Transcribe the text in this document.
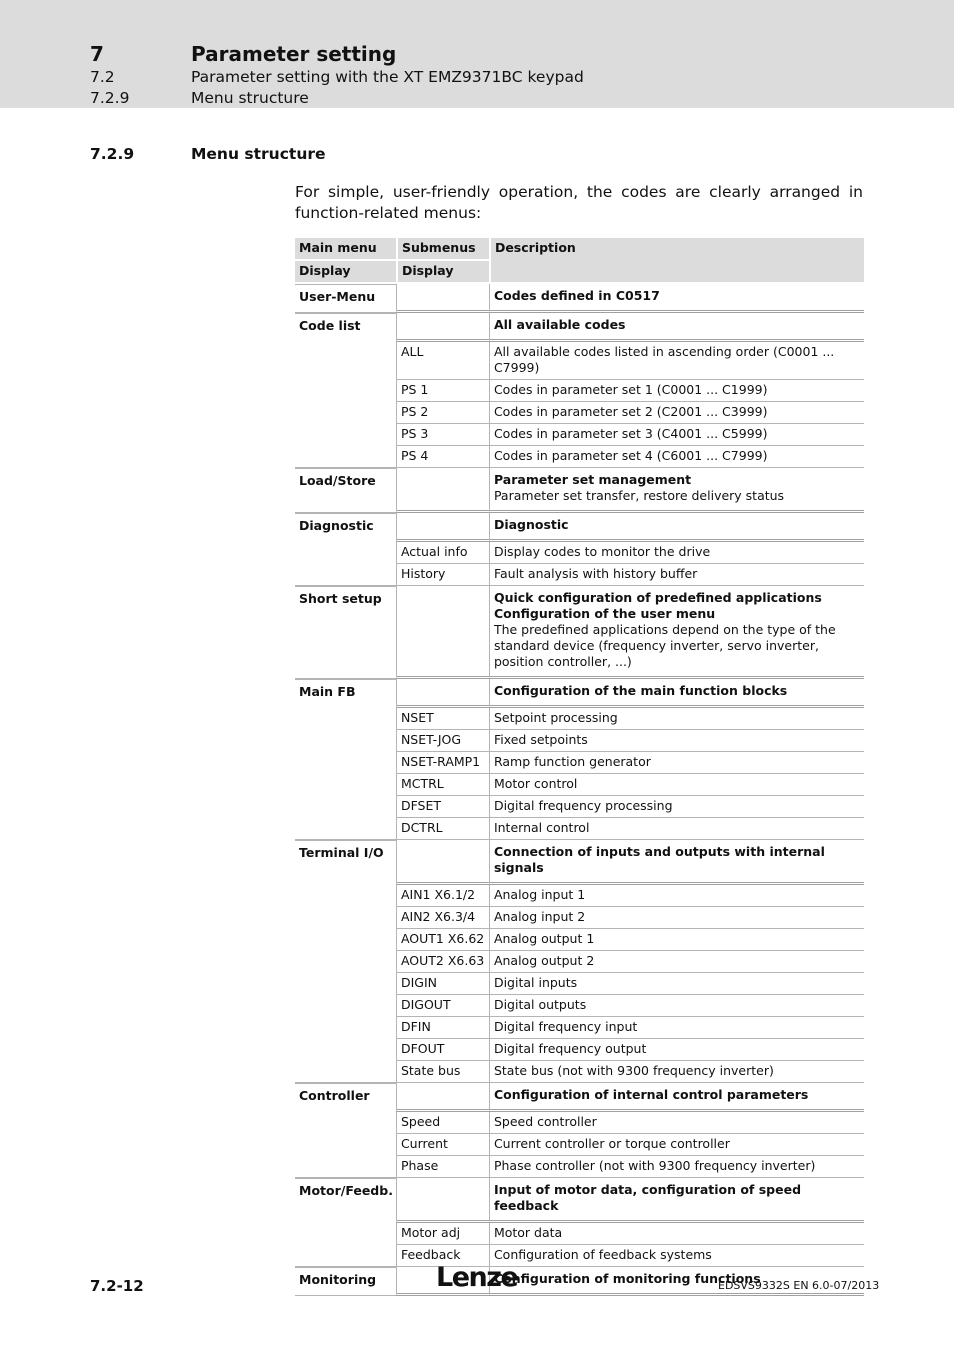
7	Parameter setting
7.2	Parameter setting with the XT EMZ9371BC keypad
7.2.9	Menu structure
7.2.9	Menu structure
For simple, user-friendly operation, the codes are clearly arranged in function-related menus:
Main menu	Submenus	Description
Display	Display	
User-Menu		Codes defined in C0517

Code list		All available codes

	ALL	All available codes listed in ascending order (C0001 ... C7999)
	PS 1	Codes in parameter set 1 (C0001 ... C1999)
	PS 2	Codes in parameter set 2 (C2001 ... C3999)
	PS 3	Codes in parameter set 3 (C4001 ... C5999)
	PS 4	Codes in parameter set 4 (C6001 ... C7999)
Load/Store		Parameter set management
Parameter set transfer, restore delivery status

Diagnostic		Diagnostic

	Actual info	Display codes to monitor the drive
	History	Fault analysis with history buffer
Short setup		Quick configuration of predefined applications
Configuration of the user menu
The predefined applications depend on the type of the standard device (frequency inverter, servo inverter, position controller, ...)

Main FB		Configuration of the main function blocks

	NSET	Setpoint processing
	NSET-JOG	Fixed setpoints
	NSET-RAMP1	Ramp function generator
	MCTRL	Motor control
	DFSET	Digital frequency processing
	DCTRL	Internal control
Terminal I/O		Connection of inputs and outputs with internal signals

	AIN1 X6.1/2	Analog input 1
	AIN2 X6.3/4	Analog input 2
	AOUT1 X6.62	Analog output 1
	AOUT2 X6.63	Analog output 2
	DIGIN	Digital inputs
	DIGOUT	Digital outputs
	DFIN	Digital frequency input
	DFOUT	Digital frequency output
	State bus	State bus (not with 9300 frequency inverter)
Controller		Configuration of internal control parameters

	Speed	Speed controller
	Current	Current controller or torque controller
	Phase	Phase controller (not with 9300 frequency inverter)
Motor/Feedb.		Input of motor data, configuration of speed feedback

	Motor adj	Motor data
	Feedback	Configuration of feedback systems
Monitoring		Configuration of monitoring functions
7.2-12	Lenze	EDSVS9332S EN 6.0-07/2013
